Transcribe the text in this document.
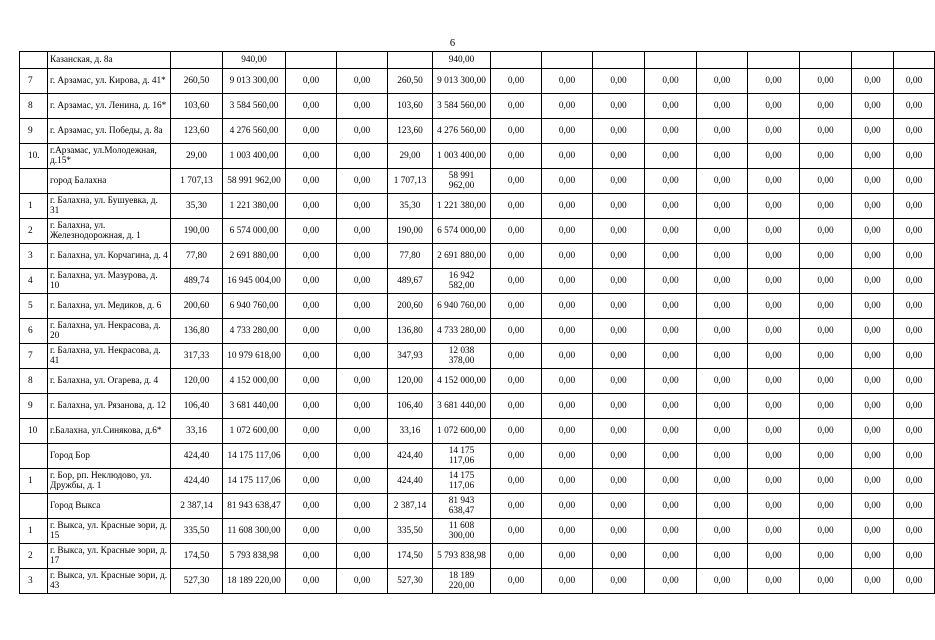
6
	Казанская, д. 8а		940,00				940,00									
7	г. Арзамас, ул. Кирова, д. 41*	260,50	9 013 300,00	0,00	0,00	260,50	9 013 300,00	0,00	0,00	0,00	0,00	0,00	0,00	0,00	0,00	0,00
8	г. Арзамас, ул. Ленина, д. 16*	103,60	3 584 560,00	0,00	0,00	103,60	3 584 560,00	0,00	0,00	0,00	0,00	0,00	0,00	0,00	0,00	0,00
9	г. Арзамас, ул. Победы, д. 8а	123,60	4 276 560,00	0,00	0,00	123,60	4 276 560,00	0,00	0,00	0,00	0,00	0,00	0,00	0,00	0,00	0,00
10.	г.Арзамас, ул.Молодежная, д.15*	29,00	1 003 400,00	0,00	0,00	29,00	1 003 400,00	0,00	0,00	0,00	0,00	0,00	0,00	0,00	0,00	0,00
	город Балахна	1 707,13	58 991 962,00	0,00	0,00	1 707,13	58 991 962,00	0,00	0,00	0,00	0,00	0,00	0,00	0,00	0,00	0,00
1	г. Балахна, ул. Бушуевка, д. 31	35,30	1 221 380,00	0,00	0,00	35,30	1 221 380,00	0,00	0,00	0,00	0,00	0,00	0,00	0,00	0,00	0,00
2	г. Балахна, ул. Железнодорожная, д. 1	190,00	6 574 000,00	0,00	0,00	190,00	6 574 000,00	0,00	0,00	0,00	0,00	0,00	0,00	0,00	0,00	0,00
3	г. Балахна, ул. Корчагина, д. 4	77,80	2 691 880,00	0,00	0,00	77,80	2 691 880,00	0,00	0,00	0,00	0,00	0,00	0,00	0,00	0,00	0,00
4	г. Балахна, ул. Мазурова, д. 10	489,74	16 945 004,00	0,00	0,00	489,67	16 942 582,00	0,00	0,00	0,00	0,00	0,00	0,00	0,00	0,00	0,00
5	г. Балахна, ул. Медиков, д. 6	200,60	6 940 760,00	0,00	0,00	200,60	6 940 760,00	0,00	0,00	0,00	0,00	0,00	0,00	0,00	0,00	0,00
6	г. Балахна, ул. Некрасова, д. 20	136,80	4 733 280,00	0,00	0,00	136,80	4 733 280,00	0,00	0,00	0,00	0,00	0,00	0,00	0,00	0,00	0,00
7	г. Балахна, ул. Некрасова, д. 41	317,33	10 979 618,00	0,00	0,00	347,93	12 038 378,00	0,00	0,00	0,00	0,00	0,00	0,00	0,00	0,00	0,00
8	г. Балахна, ул. Огарева, д. 4	120,00	4 152 000,00	0,00	0,00	120,00	4 152 000,00	0,00	0,00	0,00	0,00	0,00	0,00	0,00	0,00	0,00
9	г. Балахна, ул. Рязанова, д. 12	106,40	3 681 440,00	0,00	0,00	106,40	3 681 440,00	0,00	0,00	0,00	0,00	0,00	0,00	0,00	0,00	0,00
10	г.Балахна, ул.Синякова, д.6*	33,16	1 072 600,00	0,00	0,00	33,16	1 072 600,00	0,00	0,00	0,00	0,00	0,00	0,00	0,00	0,00	0,00
	Город Бор	424,40	14 175 117,06	0,00	0,00	424,40	14 175 117,06	0,00	0,00	0,00	0,00	0,00	0,00	0,00	0,00	0,00
1	г. Бор, рп. Неклюдово, ул. Дружбы, д. 1	424,40	14 175 117,06	0,00	0,00	424,40	14 175 117,06	0,00	0,00	0,00	0,00	0,00	0,00	0,00	0,00	0,00
	Город Выкса	2 387,14	81 943 638,47	0,00	0,00	2 387,14	81 943 638,47	0,00	0,00	0,00	0,00	0,00	0,00	0,00	0,00	0,00
1	г. Выкса, ул. Красные зори, д. 15	335,50	11 608 300,00	0,00	0,00	335,50	11 608 300,00	0,00	0,00	0,00	0,00	0,00	0,00	0,00	0,00	0,00
2	г. Выкса, ул. Красные зори, д. 17	174,50	5 793 838,98	0,00	0,00	174,50	5 793 838,98	0,00	0,00	0,00	0,00	0,00	0,00	0,00	0,00	0,00
3	г. Выкса, ул. Красные зори, д. 43	527,30	18 189 220,00	0,00	0,00	527,30	18 189 220,00	0,00	0,00	0,00	0,00	0,00	0,00	0,00	0,00	0,00
